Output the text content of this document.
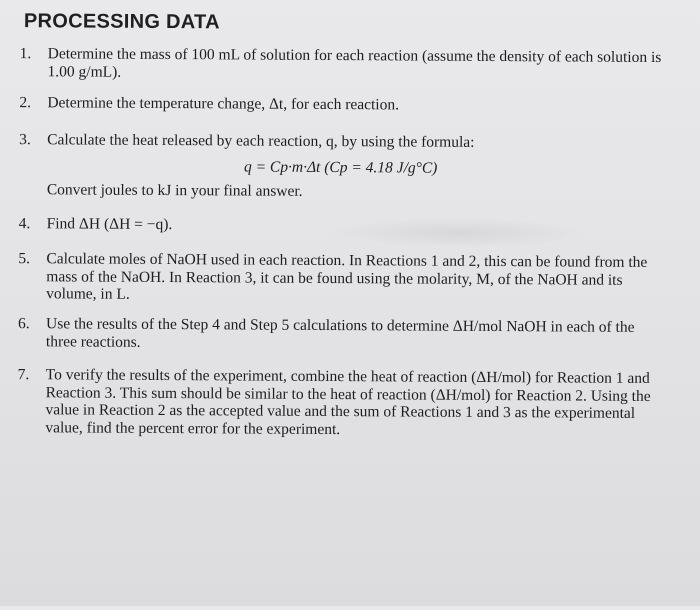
PROCESSING DATA
1. Determine the mass of 100 mL of solution for each reaction (assume the density of each solution is 1.00 g/mL).
2. Determine the temperature change, Δt, for each reaction.
3. Calculate the heat released by each reaction, q, by using the formula:
q = Cp·m·Δt (Cp = 4.18 J/g°C)
Convert joules to kJ in your final answer.
4. Find ΔH (ΔH = −q).
5. Calculate moles of NaOH used in each reaction. In Reactions 1 and 2, this can be found from the mass of the NaOH. In Reaction 3, it can be found using the molarity, M, of the NaOH and its volume, in L.
6. Use the results of the Step 4 and Step 5 calculations to determine ΔH/mol NaOH in each of the three reactions.
7. To verify the results of the experiment, combine the heat of reaction (ΔH/mol) for Reaction 1 and Reaction 3. This sum should be similar to the heat of reaction (ΔH/mol) for Reaction 2. Using the value in Reaction 2 as the accepted value and the sum of Reactions 1 and 3 as the experimental value, find the percent error for the experiment.
